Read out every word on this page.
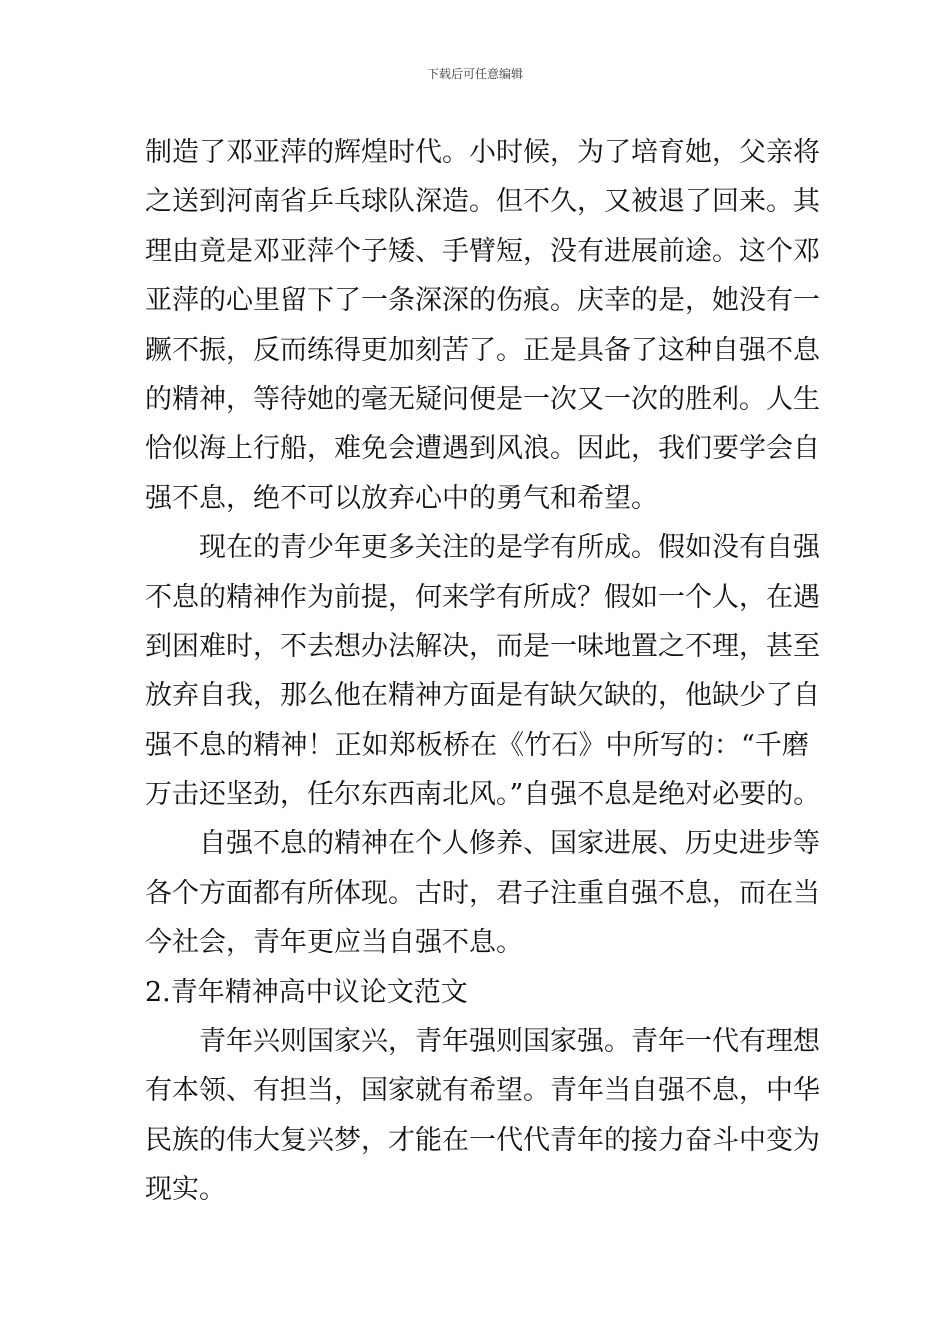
下载后可任意编辑
制造了邓亚萍的辉煌时代。小时候，为了培育她，父亲将
之送到河南省乒乓球队深造。但不久，又被退了回来。其
理由竟是邓亚萍个子矮、手臂短，没有进展前途。这个邓
亚萍的心里留下了一条深深的伤痕。庆幸的是，她没有一
蹶不振，反而练得更加刻苦了。正是具备了这种自强不息
的精神，等待她的毫无疑问便是一次又一次的胜利。人生
恰似海上行船，难免会遭遇到风浪。因此，我们要学会自
强不息，绝不可以放弃心中的勇气和希望。
现在的青少年更多关注的是学有所成。假如没有自强
不息的精神作为前提，何来学有所成？假如一个人，在遇
到困难时，不去想办法解决，而是一味地置之不理，甚至
放弃自我，那么他在精神方面是有缺欠缺的，他缺少了自
强不息的精神！正如郑板桥在《竹石》中所写的：“千磨
万击还坚劲，任尔东西南北风。”自强不息是绝对必要的。
自强不息的精神在个人修养、国家进展、历史进步等
各个方面都有所体现。古时，君子注重自强不息，而在当
今社会，青年更应当自强不息。
2.青年精神高中议论文范文
青年兴则国家兴，青年强则国家强。青年一代有理想
有本领、有担当，国家就有希望。青年当自强不息，中华
民族的伟大复兴梦，才能在一代代青年的接力奋斗中变为
现实。
